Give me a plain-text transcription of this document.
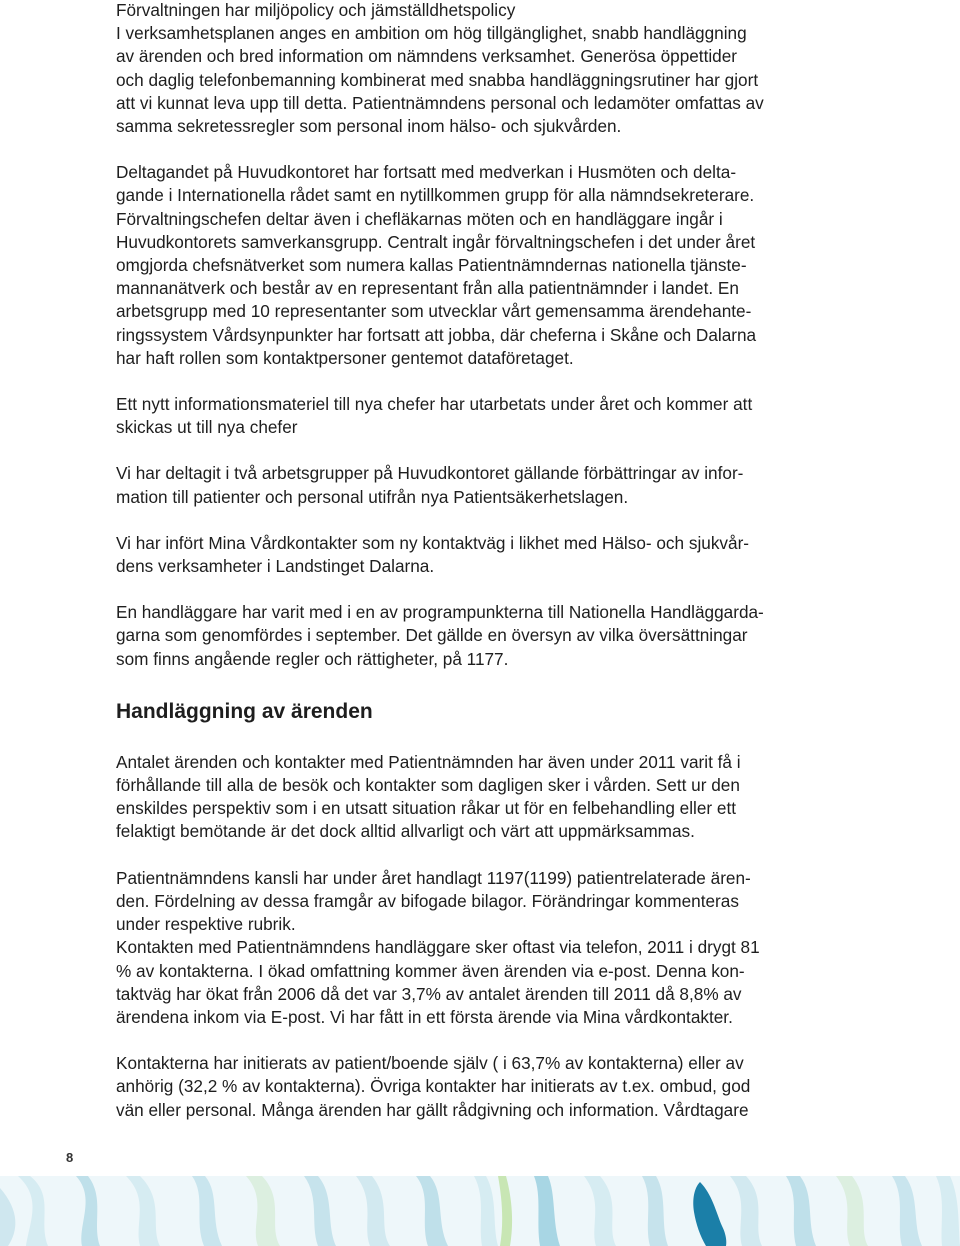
Förvaltningen har miljöpolicy och jämställdhetspolicy
I verksamhetsplanen anges en ambition om hög tillgänglighet, snabb handläggning
av ärenden och bred information om nämndens verksamhet. Generösa öppettider
och daglig telefonbemanning kombinerat med snabba handläggningsrutiner har gjort
att vi kunnat leva upp till detta. Patientnämndens personal och ledamöter omfattas av
samma sekretessregler som personal inom hälso- och sjukvården.

Deltagandet på Huvudkontoret har fortsatt med medverkan i Husmöten och delta-
gande i Internationella rådet samt en nytillkommen grupp för alla nämndsekreterare.
Förvaltningschefen deltar även i chefläkarnas möten och en handläggare ingår i
Huvudkontorets samverkansgrupp. Centralt ingår förvaltningschefen i det under året
omgjorda chefsnätverket som numera kallas Patientnämndernas nationella tjänste-
mannanätverk och består av en representant från alla patientnämnder i landet. En
arbetsgrupp med 10 representanter som utvecklar vårt gemensamma ärendehante-
ringssystem Vårdsynpunkter har fortsatt att jobba, där cheferna i Skåne och Dalarna
har haft rollen som kontaktpersoner gentemot dataföretaget.

Ett nytt informationsmateriel till nya chefer har utarbetats under året och kommer att
skickas ut till nya chefer

Vi har deltagit i två arbetsgrupper på Huvudkontoret gällande förbättringar av infor-
mation till patienter och personal utifrån nya Patientsäkerhetslagen.

Vi har infört Mina Vårdkontakter som ny kontaktväg i likhet med Hälso- och sjukvår-
dens verksamheter i Landstinget Dalarna.

En handläggare har varit med i en av programpunkterna till Nationella Handläggarda-
garna som genomfördes i september. Det gällde en översyn av vilka översättningar
som finns angående regler och rättigheter, på 1177.

Handläggning av ärenden

Antalet ärenden och kontakter med Patientnämnden har även under 2011 varit få i
förhållande till alla de besök och kontakter som dagligen sker i vården. Sett ur den
enskildes perspektiv som i en utsatt situation råkar ut för en felbehandling eller ett
felaktigt bemötande är det dock alltid allvarligt och värt att uppmärksammas.

Patientnämndens kansli har under året handlagt 1197(1199) patientrelaterade ären-
den. Fördelning av dessa framgår av bifogade bilagor. Förändringar kommenteras
under respektive rubrik.
Kontakten med Patientnämndens handläggare sker oftast via telefon, 2011 i drygt 81
% av kontakterna. I ökad omfattning kommer även ärenden via e-post. Denna kon-
taktväg har ökat från 2006 då det var 3,7% av antalet ärenden till 2011 då 8,8% av
ärendena inkom via E-post. Vi har fått in ett första ärende via Mina vårdkontakter.

Kontakterna har initierats av patient/boende själv ( i 63,7% av kontakterna) eller av
anhörig (32,2 % av kontakterna). Övriga kontakter har initierats av t.ex. ombud, god
vän eller personal. Många ärenden har gällt rådgivning och information. Vårdtagare

8
